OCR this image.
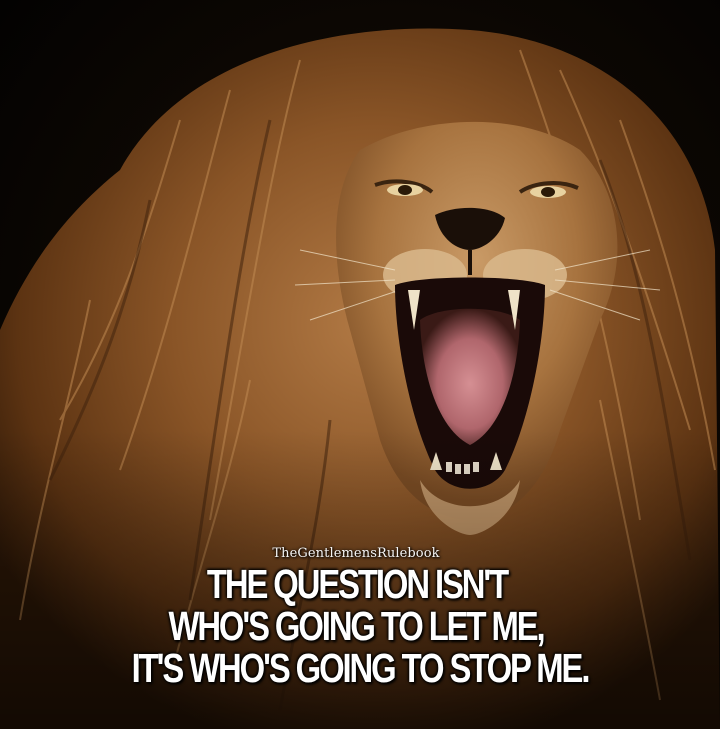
TheGentlemensRulebook
THE QUESTION ISN'T
WHO'S GOING TO LET ME,
IT'S WHO'S GOING TO STOP ME.
